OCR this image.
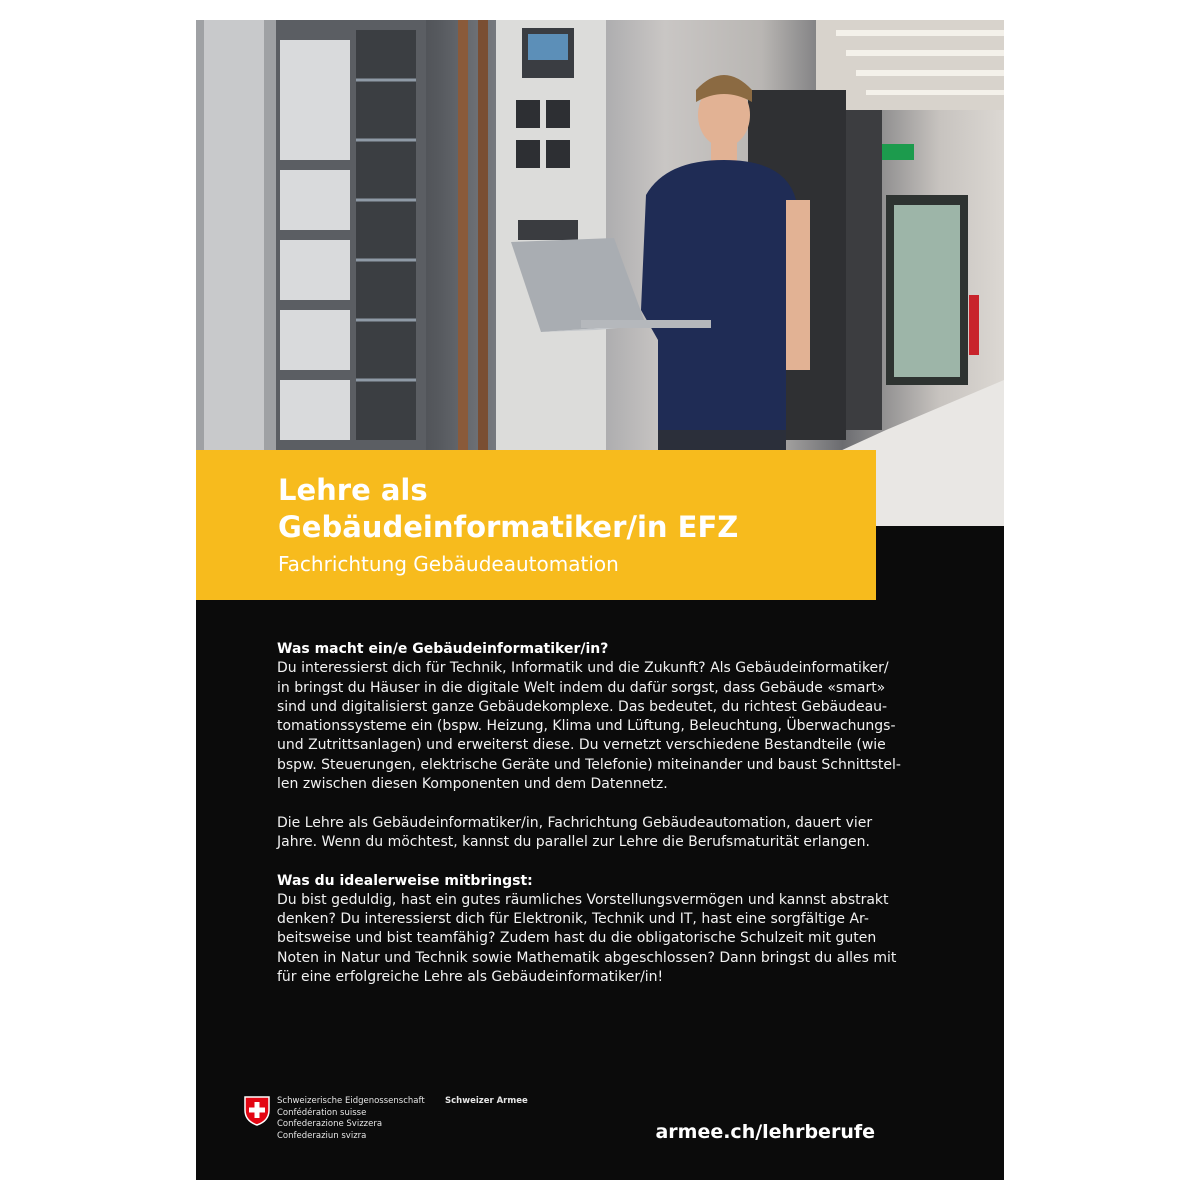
Lehre als
Gebäudeinformatiker/in EFZ
Fachrichtung Gebäudeautomation
Was macht ein/e Gebäudeinformatiker/in?

Du interessierst dich für Technik, Informatik und die Zukunft? Als Gebäudeinformatiker/

in bringst du Häuser in die digitale Welt indem du dafür sorgst, dass Gebäude «smart»

sind und digitalisierst ganze Gebäudekomplexe. Das bedeutet, du richtest Gebäudeau-

tomationssysteme ein (bspw. Heizung, Klima und Lüftung, Beleuchtung, Überwachungs-

und Zutrittsanlagen) und erweiterst diese. Du vernetzt verschiedene Bestandteile (wie

bspw. Steuerungen, elektrische Geräte und Telefonie) miteinander und baust Schnittstel-

len zwischen diesen Komponenten und dem Datennetz.

Die Lehre als Gebäudeinformatiker/in, Fachrichtung Gebäudeautomation, dauert vier

Jahre. Wenn du möchtest, kannst du parallel zur Lehre die Berufsmaturität erlangen.

Was du idealerweise mitbringst:

Du bist geduldig, hast ein gutes räumliches Vorstellungsvermögen und kannst abstrakt

denken? Du interessierst dich für Elektronik, Technik und IT, hast eine sorgfältige Ar-

beitsweise und bist teamfähig? Zudem hast du die obligatorische Schulzeit mit guten

Noten in Natur und Technik sowie Mathematik abgeschlossen? Dann bringst du alles mit

für eine erfolgreiche Lehre als Gebäudeinformatiker/in!

Schweizerische Eidgenossenschaft
Confédération suisse
Confederazione Svizzera
Confederaziun svizra
Schweizer Armee
armee.ch/lehrberufe
